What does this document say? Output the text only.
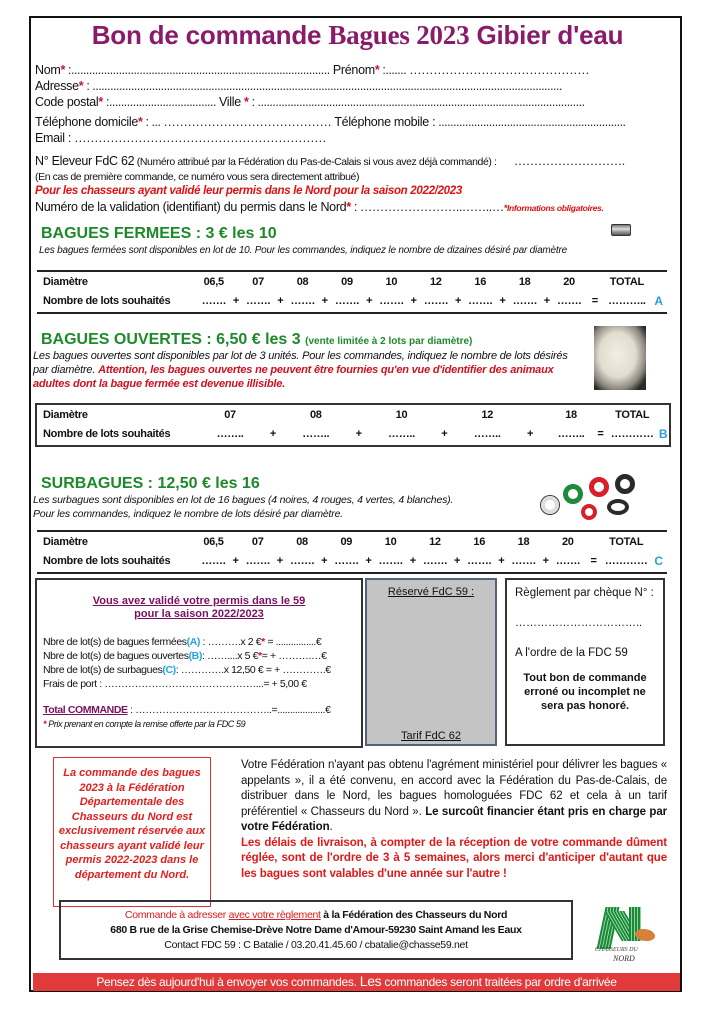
Bon de commande Bagues 2023 Gibier d'eau
Nom* :....................................................................................... Prénom* :....... ………………………………………
Adresse* : ..............................................................................................................................................................
Code postal* :.................................... Ville * : ..............................................................................................................
Téléphone domicile* : ... …………………………………… Téléphone mobile : ...............................................................
Email : ………………………………………………………
N° Eleveur FdC 62 (Numéro attribué par la Fédération du Pas-de-Calais si vous avez déjà commandé) : ……………………….
(En cas de première commande, ce numéro vous sera directement attribué)
Pour les chasseurs ayant validé leur permis dans le Nord pour la saison 2022/2023
Numéro de la validation (identifiant) du permis dans le Nord* : ……………………..……..…*Informations obligatoires.
BAGUES FERMEES : 3 € les 10
Les bagues fermées sont disponibles en lot de 10. Pour les commandes, indiquez le nombre de dizaines désiré par diamètre
Diamètre	06,5		07		08		09		10		12		16		18		20		TOTAL	
Nombre de lots souhaités	…….	+	…….	+	…….	+	…….	+	…….	+	…….	+	…….	+	…….	+	…….	=	………..	A
BAGUES OUVERTES : 6,50 € les 3 (vente limitée à 2 lots par diamètre)
Les bagues ouvertes sont disponibles par lot de 3 unités. Pour les commandes, indiquez le nombre de lots désirés par diamètre. Attention, les bagues ouvertes ne peuvent être fournies qu'en vue d'identifier des animaux adultes dont la bague fermée est devenue illisible.
Diamètre	07		08		10		12		18		TOTAL	
Nombre de lots souhaités	……..	+	……..	+	……..	+	……..	+	……..	=	…………	B
SURBAGUES : 12,50 € les 16
Les surbagues sont disponibles en lot de 16 bagues (4 noires, 4 rouges, 4 vertes, 4 blanches).
Pour les commandes, indiquez le nombre de lots désiré par diamètre.
Diamètre	06,5		07		08		09		10		12		16		18		20		TOTAL	
Nombre de lots souhaités	…….	+	…….	+	…….	+	…….	+	…….	+	…….	+	…….	+	…….	+	…….	=	…………	C
Vous avez validé votre permis dans le 59
pour la saison 2022/2023
Nbre de lot(s) de bagues fermées(A) : ……….x 2 €* = ................€
Nbre de lot(s) de bagues ouvertes(B): ……....x 5 €*= + ……….…€
Nbre de lot(s) de surbagues(C): ………….x 12,50 € = + ………….€
Frais de port : ………………………………………...= + 5,00 €
Total COMMANDE : …………………………………..=...................€
* Prix prenant en compte la remise offerte par la FDC 59
Réservé FdC 59 :
Tarif FdC 62
Règlement par chèque N° :
……………………………..
A l'ordre de la FDC 59
Tout bon de commande erroné ou incomplet ne sera pas honoré.
La commande des bagues 2023 à la Fédération Départementale des Chasseurs du Nord est exclusivement réservée aux chasseurs ayant validé leur permis 2022-2023 dans le département du Nord.
Votre Fédération n'ayant pas obtenu l'agrément ministériel pour délivrer les bagues « appelants », il a été convenu, en accord avec la Fédération du Pas-de-Calais, de distribuer dans le Nord, les bagues homologuées FDC 62 et cela à un tarif préférentiel « Chasseurs du Nord ». Le surcoût financier étant pris en charge par votre Fédération.
Les délais de livraison, à compter de la réception de votre commande dûment réglée, sont de l'ordre de 3 à 5 semaines, alors merci d'anticiper d'autant que les bagues sont valables d'une année sur l'autre !
Commande à adresser avec votre règlement à la Fédération des Chasseurs du Nord
680 B rue de la Grise Chemise-Drève Notre Dame d'Amour-59230 Saint Amand les Eaux
Contact FDC 59 : C Batalie / 03.20.41.45.60 / cbatalie@chasse59.net	CHASSEURS DU
NORD
Pensez dès aujourd'hui à envoyer vos commandes. Les commandes seront traitées par ordre d'arrivée
